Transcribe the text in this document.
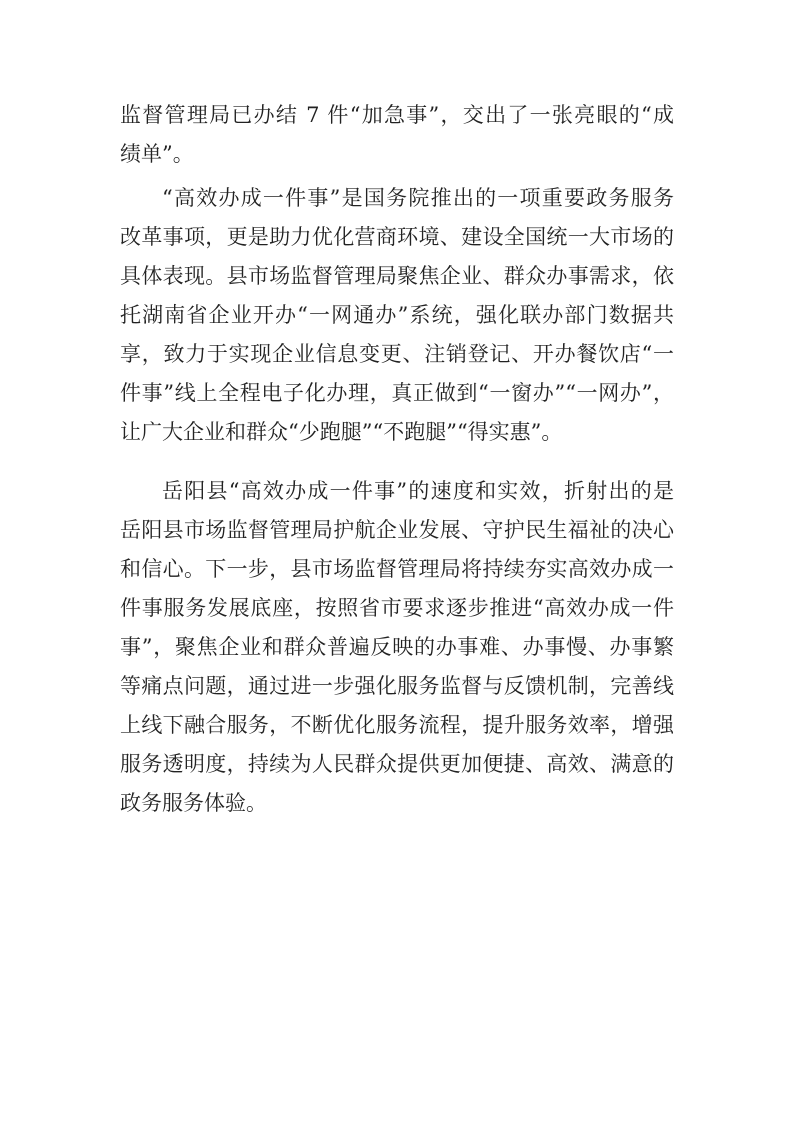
监督管理局已办结 7 件“加急事”，交出了一张亮眼的“成
绩单”。
“高效办成一件事”是国务院推出的一项重要政务服务
改革事项，更是助力优化营商环境、建设全国统一大市场的
具体表现。县市场监督管理局聚焦企业、群众办事需求，依
托湖南省企业开办“一网通办”系统，强化联办部门数据共
享，致力于实现企业信息变更、注销登记、开办餐饮店“一
件事”线上全程电子化办理，真正做到“一窗办”“一网办”，
让广大企业和群众“少跑腿”“不跑腿”“得实惠”。
岳阳县“高效办成一件事”的速度和实效，折射出的是
岳阳县市场监督管理局护航企业发展、守护民生福祉的决心
和信心。下一步，县市场监督管理局将持续夯实高效办成一
件事服务发展底座，按照省市要求逐步推进“高效办成一件
事”，聚焦企业和群众普遍反映的办事难、办事慢、办事繁
等痛点问题，通过进一步强化服务监督与反馈机制，完善线
上线下融合服务，不断优化服务流程，提升服务效率，增强
服务透明度，持续为人民群众提供更加便捷、高效、满意的
政务服务体验。
